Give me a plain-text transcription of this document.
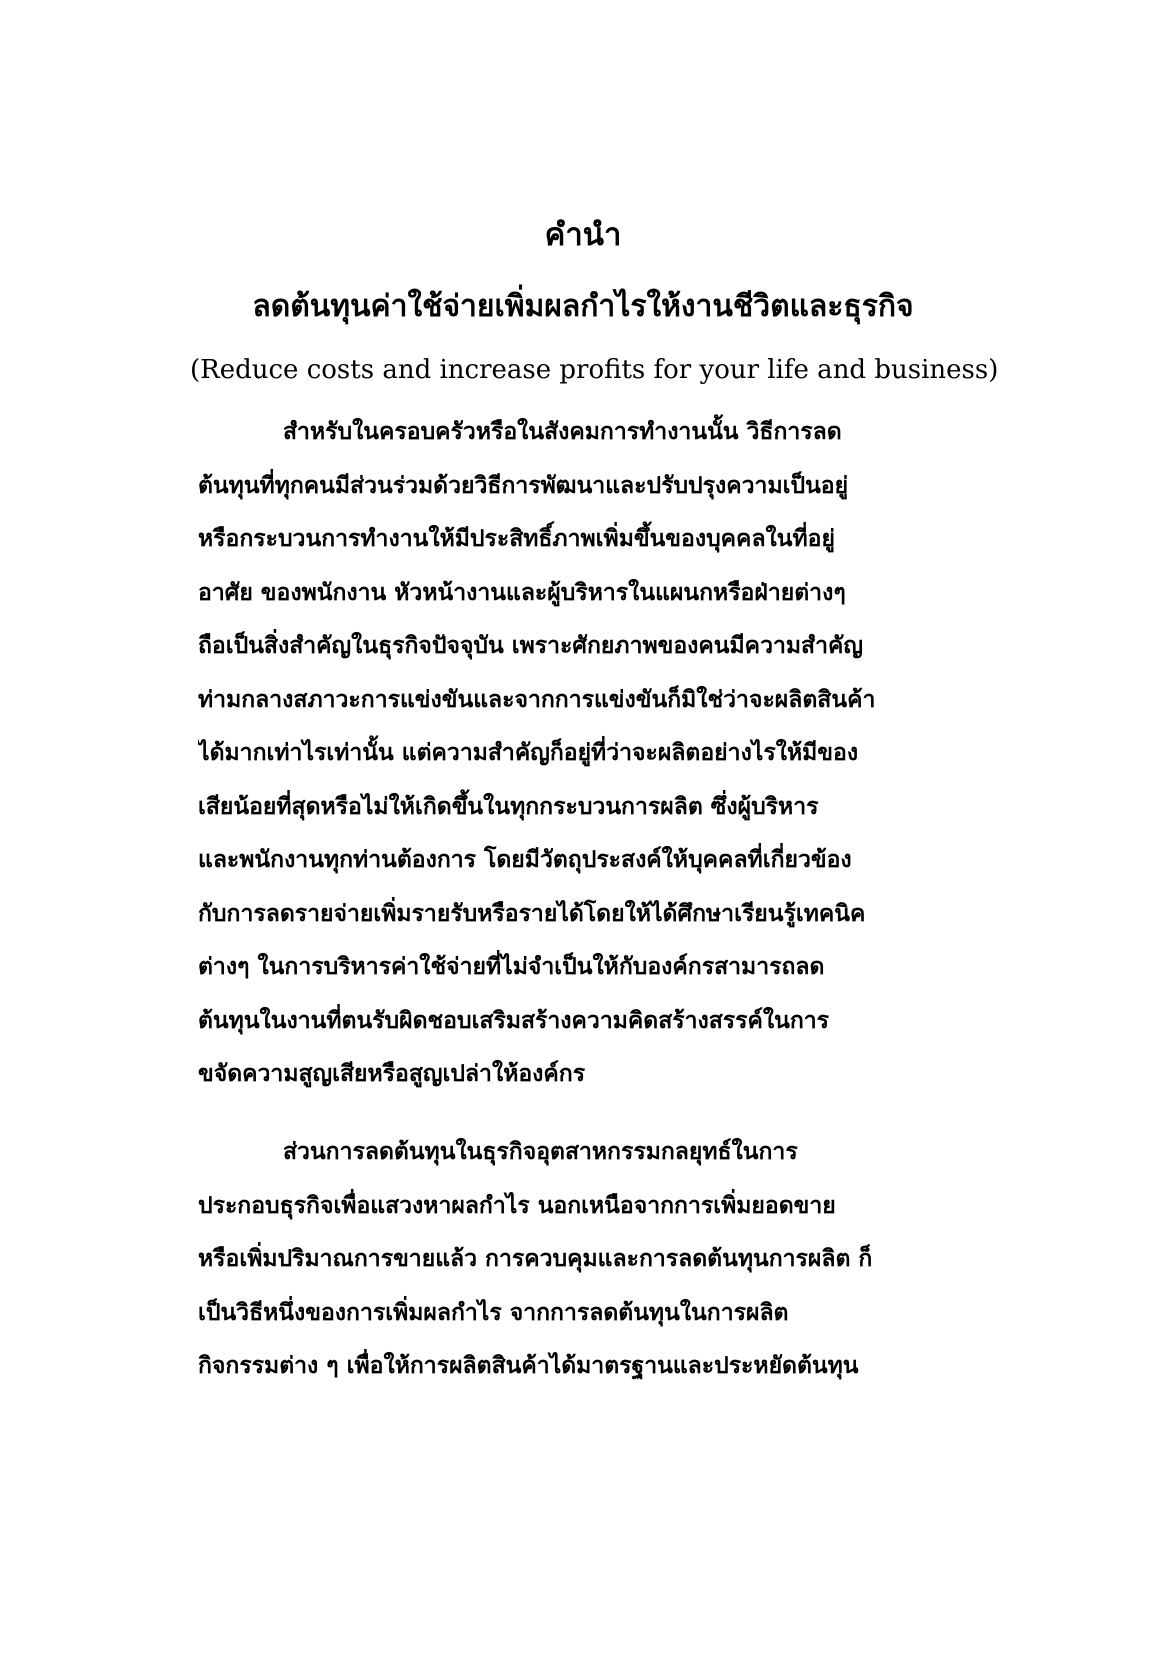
คำนำ
ลดต้นทุนค่าใช้จ่ายเพิ่มผลกำไรให้งานชีวิตและธุรกิจ
(Reduce costs and increase profits for your life and business)
สำหรับในครอบครัวหรือในสังคมการทำงานนั้น วิธีการลด
ต้นทุนที่ทุกคนมีส่วนร่วมด้วยวิธีการพัฒนาและปรับปรุงความเป็นอยู่
หรือกระบวนการทำงานให้มีประสิทธิ์ภาพเพิ่มขึ้นของบุคคลในที่อยู่
อาศัย ของพนักงาน หัวหน้างานและผู้บริหารในแผนกหรือฝ่ายต่างๆ
ถือเป็นสิ่งสำคัญในธุรกิจปัจจุบัน เพราะศักยภาพของคนมีความสำคัญ
ท่ามกลางสภาวะการแข่งขันและจากการแข่งขันก็มิใช่ว่าจะผลิตสินค้า
ได้มากเท่าไรเท่านั้น แต่ความสำคัญก็อยู่ที่ว่าจะผลิตอย่างไรให้มีของ
เสียน้อยที่สุดหรือไม่ให้เกิดขึ้นในทุกกระบวนการผลิต ซึ่งผู้บริหาร
และพนักงานทุกท่านต้องการ โดยมีวัตถุประสงค์ให้บุคคลที่เกี่ยวข้อง
กับการลดรายจ่ายเพิ่มรายรับหรือรายได้โดยให้ได้ศึกษาเรียนรู้เทคนิค
ต่างๆ ในการบริหารค่าใช้จ่ายที่ไม่จำเป็นให้กับองค์กรสามารถลด
ต้นทุนในงานที่ตนรับผิดชอบเสริมสร้างความคิดสร้างสรรค์ในการ
ขจัดความสูญเสียหรือสูญเปล่าให้องค์กร
ส่วนการลดต้นทุนในธุรกิจอุตสาหกรรมกลยุทธ์ในการ
ประกอบธุรกิจเพื่อแสวงหาผลกำไร นอกเหนือจากการเพิ่มยอดขาย
หรือเพิ่มปริมาณการขายแล้ว การควบคุมและการลดต้นทุนการผลิต ก็
เป็นวิธีหนึ่งของการเพิ่มผลกำไร จากการลดต้นทุนในการผลิต
กิจกรรมต่าง ๆ เพื่อให้การผลิตสินค้าได้มาตรฐานและประหยัดต้นทุน
